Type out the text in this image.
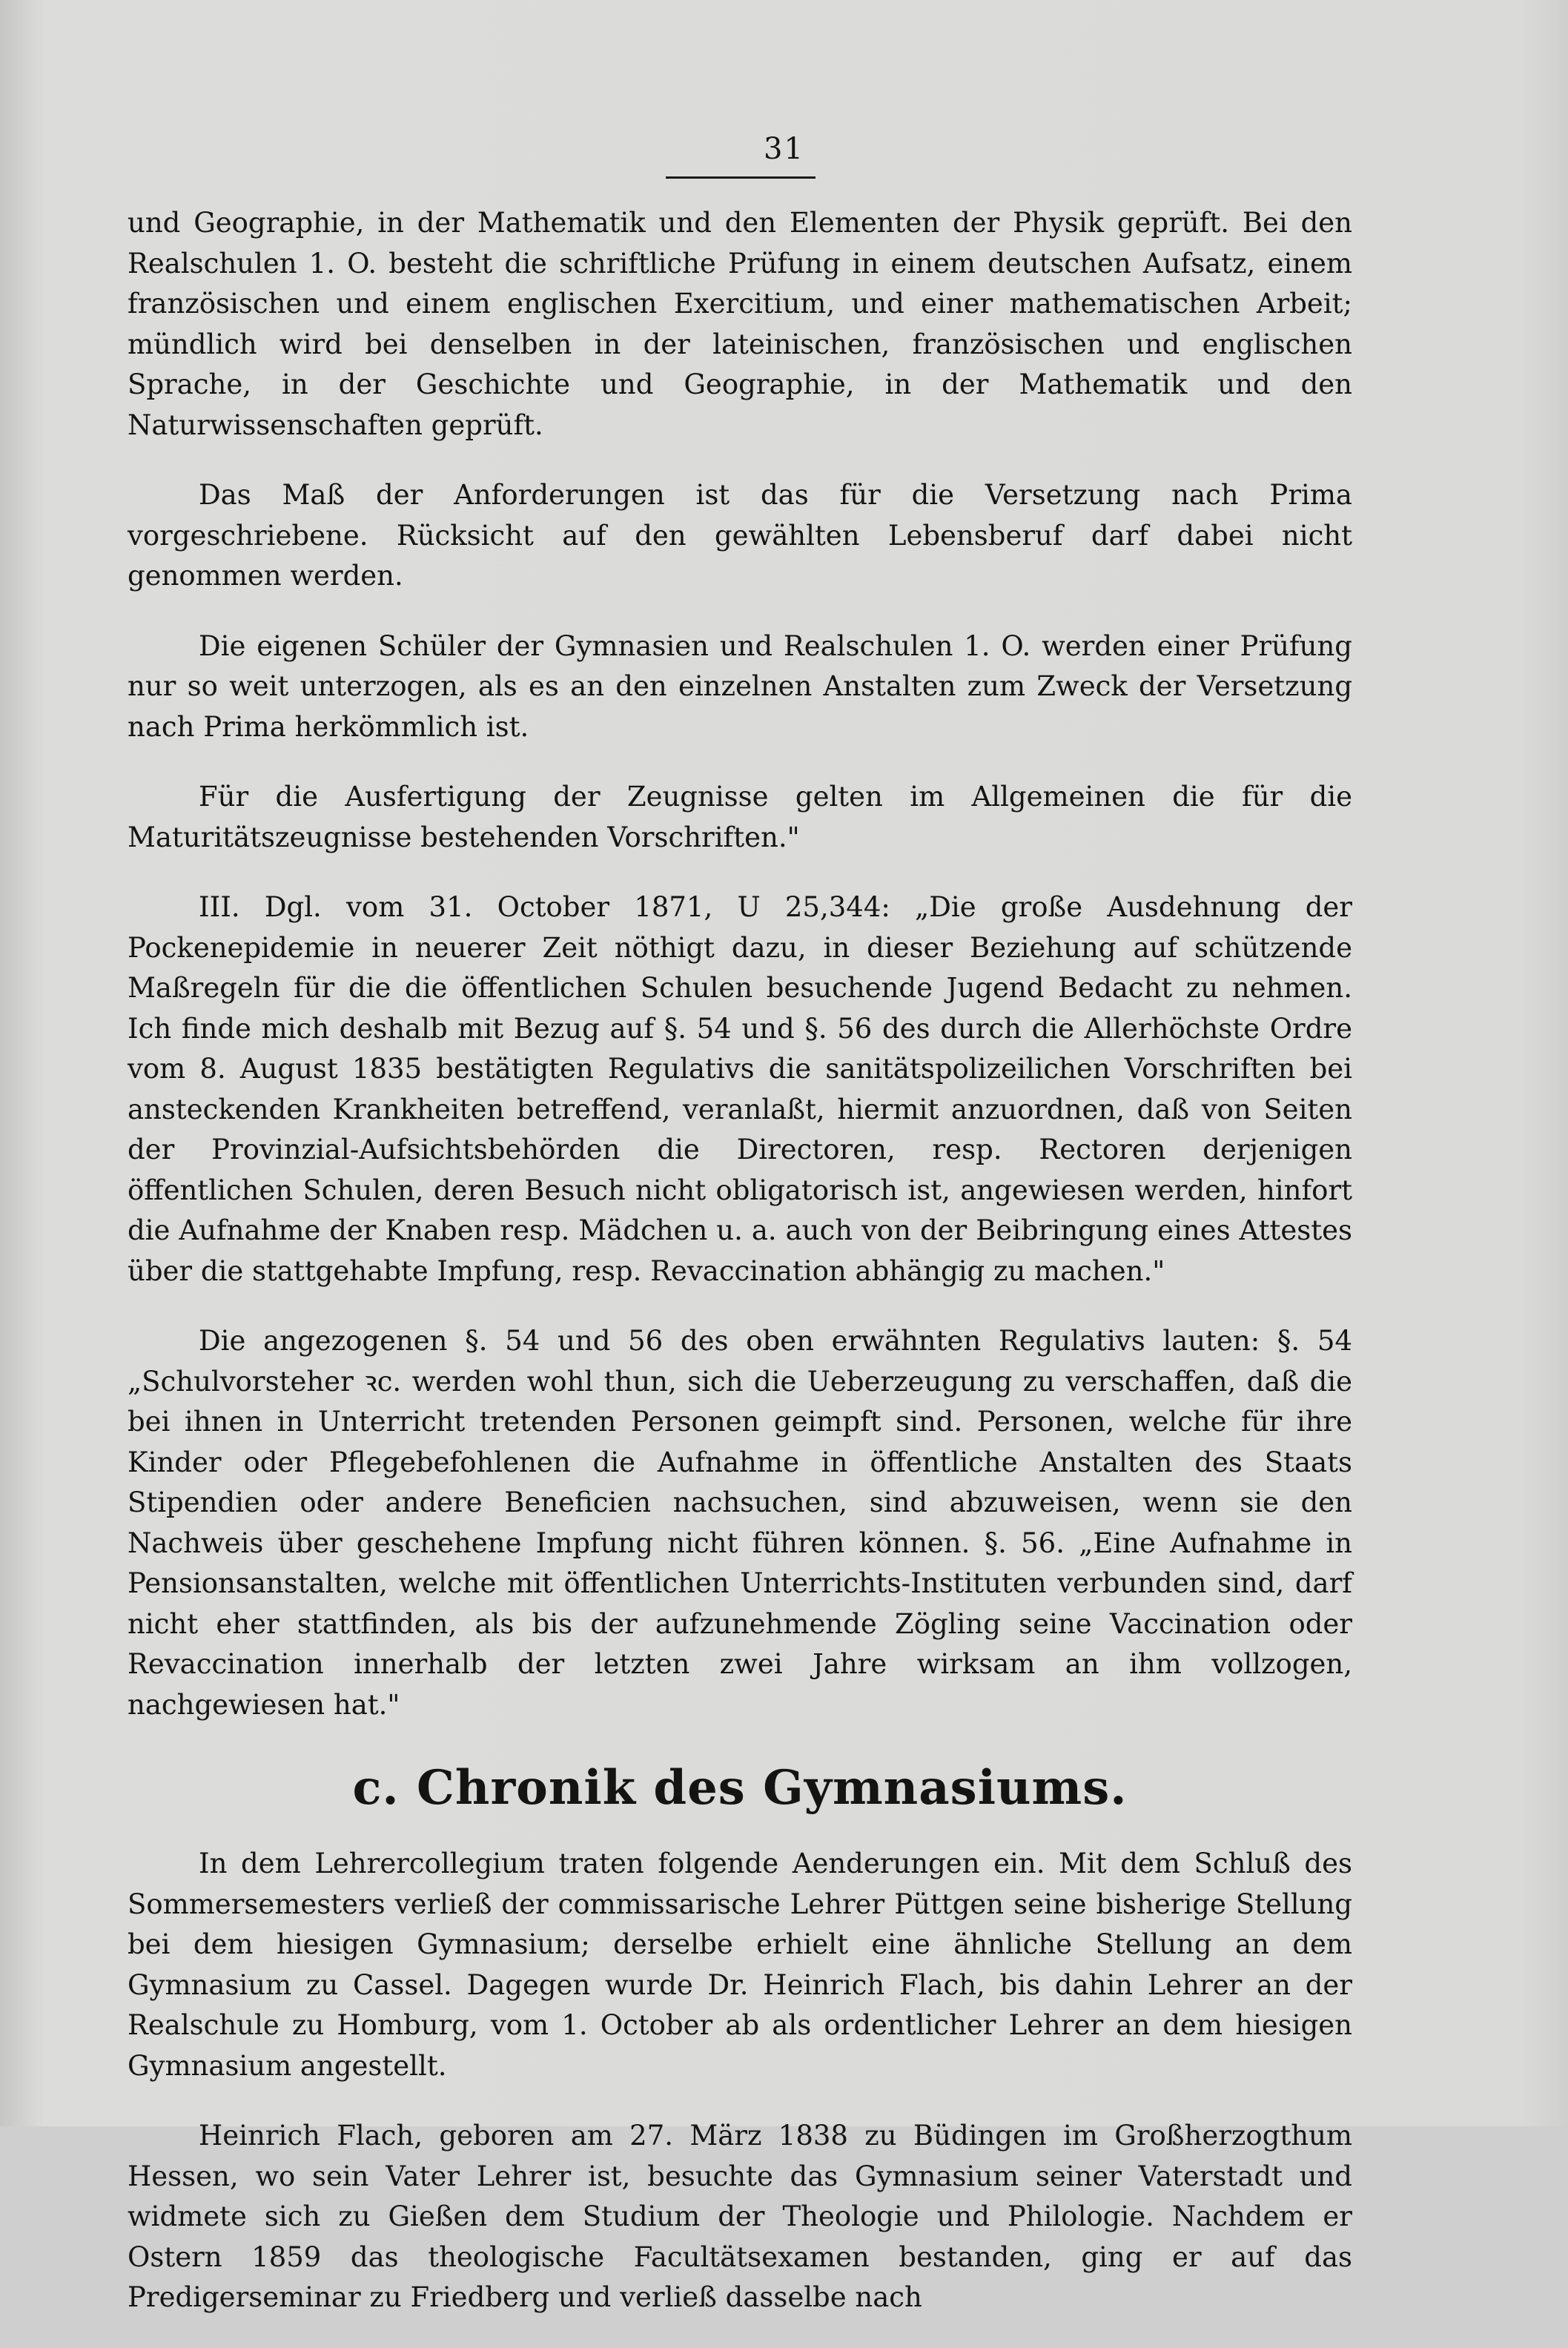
31

und Geographie, in der Mathematik und den Elementen der Physik geprüft. Bei den Realschulen 1. O. besteht die schriftliche Prüfung in einem deutschen Aufsatz, einem französischen und einem englischen Exercitium, und einer mathematischen Arbeit; mündlich wird bei denselben in der lateinischen, französischen und englischen Sprache, in der Geschichte und Geographie, in der Mathematik und den Naturwissenschaften geprüft.

Das Maß der Anforderungen ist das für die Versetzung nach Prima vorgeschriebene. Rücksicht auf den gewählten Lebensberuf darf dabei nicht genommen werden.

Die eigenen Schüler der Gymnasien und Realschulen 1. O. werden einer Prüfung nur so weit unterzogen, als es an den einzelnen Anstalten zum Zweck der Versetzung nach Prima herkömmlich ist.

Für die Ausfertigung der Zeugnisse gelten im Allgemeinen die für die Maturitätszeugnisse bestehenden Vorschriften."

III. Dgl. vom 31. October 1871, U 25,344: „Die große Ausdehnung der Pockenepidemie in neuerer Zeit nöthigt dazu, in dieser Beziehung auf schützende Maßregeln für die die öffentlichen Schulen besuchende Jugend Bedacht zu nehmen. Ich finde mich deshalb mit Bezug auf §. 54 und §. 56 des durch die Allerhöchste Ordre vom 8. August 1835 bestätigten Regulativs die sanitätspolizeilichen Vorschriften bei ansteckenden Krankheiten betreffend, veranlaßt, hiermit anzuordnen, daß von Seiten der Provinzial-Aufsichtsbehörden die Directoren, resp. Rectoren derjenigen öffentlichen Schulen, deren Besuch nicht obligatorisch ist, angewiesen werden, hinfort die Aufnahme der Knaben resp. Mädchen u. a. auch von der Beibringung eines Attestes über die stattgehabte Impfung, resp. Revaccination abhängig zu machen."

Die angezogenen §. 54 und 56 des oben erwähnten Regulativs lauten: §. 54 „Schulvorsteher ꝛc. werden wohl thun, sich die Ueberzeugung zu verschaffen, daß die bei ihnen in Unterricht tretenden Personen geimpft sind. Personen, welche für ihre Kinder oder Pflegebefohlenen die Aufnahme in öffentliche Anstalten des Staats Stipendien oder andere Beneficien nachsuchen, sind abzuweisen, wenn sie den Nachweis über geschehene Impfung nicht führen können. §. 56. „Eine Aufnahme in Pensionsanstalten, welche mit öffentlichen Unterrichts-Instituten verbunden sind, darf nicht eher stattfinden, als bis der aufzunehmende Zögling seine Vaccination oder Revaccination innerhalb der letzten zwei Jahre wirksam an ihm vollzogen, nachgewiesen hat."

c. Chronik des Gymnasiums.

In dem Lehrercollegium traten folgende Aenderungen ein. Mit dem Schluß des Sommersemesters verließ der commissarische Lehrer Püttgen seine bisherige Stellung bei dem hiesigen Gymnasium; derselbe erhielt eine ähnliche Stellung an dem Gymnasium zu Cassel. Dagegen wurde Dr. Heinrich Flach, bis dahin Lehrer an der Realschule zu Homburg, vom 1. October ab als ordentlicher Lehrer an dem hiesigen Gymnasium angestellt.

Heinrich Flach, geboren am 27. März 1838 zu Büdingen im Großherzogthum Hessen, wo sein Vater Lehrer ist, besuchte das Gymnasium seiner Vaterstadt und widmete sich zu Gießen dem Studium der Theologie und Philologie. Nachdem er Ostern 1859 das theologische Facultätsexamen bestanden, ging er auf das Predigerseminar zu Friedberg und verließ dasselbe nach
